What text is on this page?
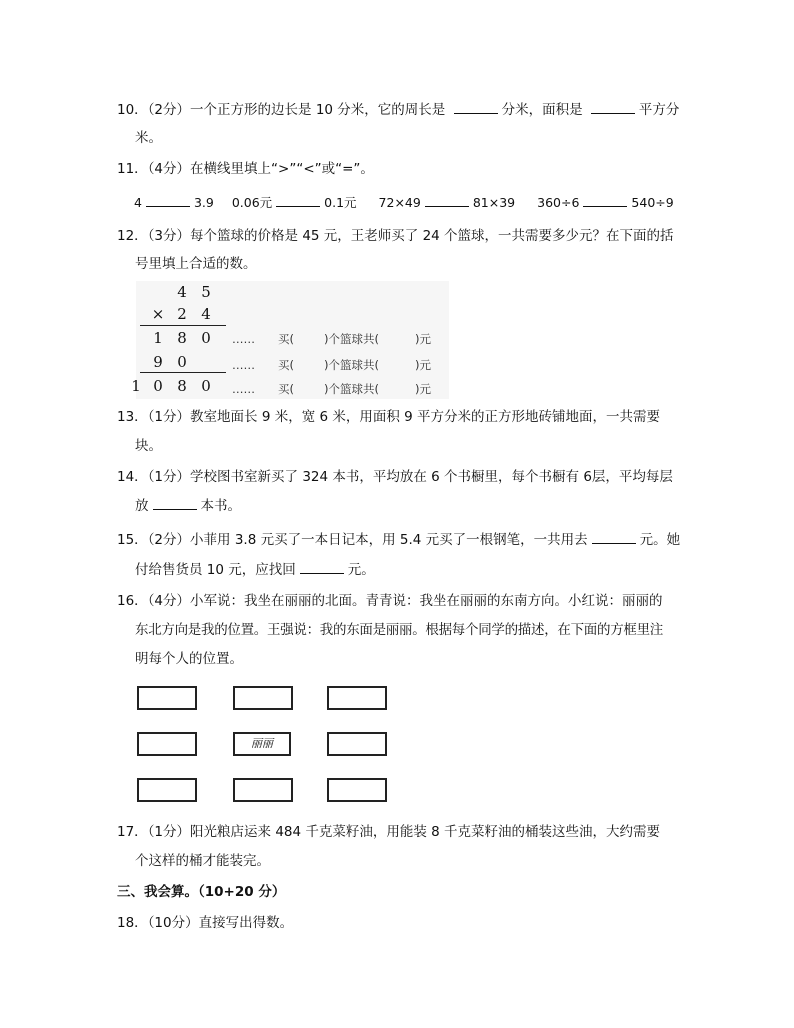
10．（2分）一个正方形的边长是 10 分米，它的周长是	分米，面积是	平方分
米。
11．（4分）在横线里填上“>”“<”或“=”。
4	3.9 0.06元	0.1元 72×49	81×39 360÷6	540÷9
12．（3分）每个篮球的价格是 45 元，王老师买了 24 个篮球，一共需要多少元？在下面的括
号里填上合适的数。
4 5
× 2 4
1 8 0 …… 买(	)个篮球共(	)元
9 0	…… 买(	)个篮球共(	)元
1 0 8 0 …… 买(	)个篮球共(	)元
13．（1分）教室地面长 9 米，宽 6 米，用面积 9 平方分米的正方形地砖铺地面，一共需要
块。
14．（1分）学校图书室新买了 324 本书，平均放在 6 个书橱里，每个书橱有 6层，平均每层
放	本书。
15．（2分）小菲用 3.8 元买了一本日记本，用 5.4 元买了一根钢笔，一共用去	元。她
付给售货员 10 元，应找回	元。
16．（4分）小军说：我坐在丽丽的北面。青青说：我坐在丽丽的东南方向。小红说：丽丽的
东北方向是我的位置。王强说：我的东面是丽丽。根据每个同学的描述，在下面的方框里注
明每个人的位置。
丽丽
17．（1分）阳光粮店运来 484 千克菜籽油，用能装 8 千克菜籽油的桶装这些油，大约需要
个这样的桶才能装完。
三、我会算。（10+20 分）
18．（10分）直接写出得数。
